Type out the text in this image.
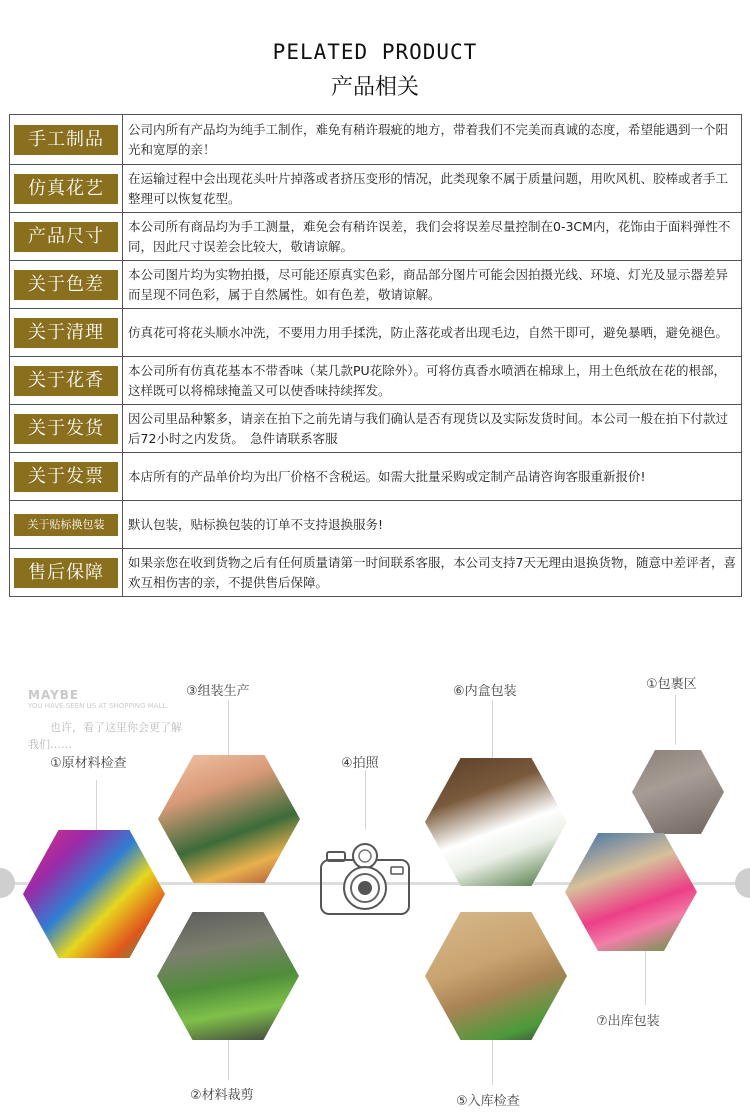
PELATED PRODUCT
产品相关
手工制品	公司内所有产品均为纯手工制作，难免有稍许瑕疵的地方，带着我们不完美而真诚的态度，希望能遇到一个阳光和宽厚的亲！

仿真花艺	在运输过程中会出现花头叶片掉落或者挤压变形的情况，此类现象不属于质量问题，用吹风机、胶棒或者手工整理可以恢复花型。

产品尺寸	本公司所有商品均为手工测量，难免会有稍许误差，我们会将误差尽量控制在0-3CM内，花饰由于面料弹性不同，因此尺寸误差会比较大，敬请谅解。

关于色差	本公司图片均为实物拍摄，尽可能还原真实色彩，商品部分图片可能会因拍摄光线、环境、灯光及显示器差异而呈现不同色彩，属于自然属性。如有色差，敬请谅解。

关于清理	仿真花可将花头顺水冲洗，不要用力用手揉洗，防止落花或者出现毛边，自然干即可，避免暴晒，避免褪色。

关于花香	本公司所有仿真花基本不带香味（某几款PU花除外）。可将仿真香水喷洒在棉球上，用土色纸放在花的根部，这样既可以将棉球掩盖又可以使香味持续挥发。

关于发货	因公司里品种繁多，请亲在拍下之前先请与我们确认是否有现货以及实际发货时间。本公司一般在拍下付款过后72小时之内发货。　急件请联系客服

关于发票	本店所有的产品单价均为出厂价格不含税运。如需大批量采购或定制产品请咨询客服重新报价!

关于贴标换包装	默认包装，贴标换包装的订单不支持退换服务!

售后保障	如果亲您在收到货物之后有任何质量请第一时间联系客服，本公司支持7天无理由退换货物，随意中差评者，喜欢互相伤害的亲，不提供售后保障。
MAYBE
YOU HAVE SEEN US AT SHOPPING MALL.
也许，看了这里你会更了解
我们……
①原材料检查
②材料裁剪
③组装生产
④拍照
⑤入库检查
⑥内盒包装
⑦出库包装
①包裹区
